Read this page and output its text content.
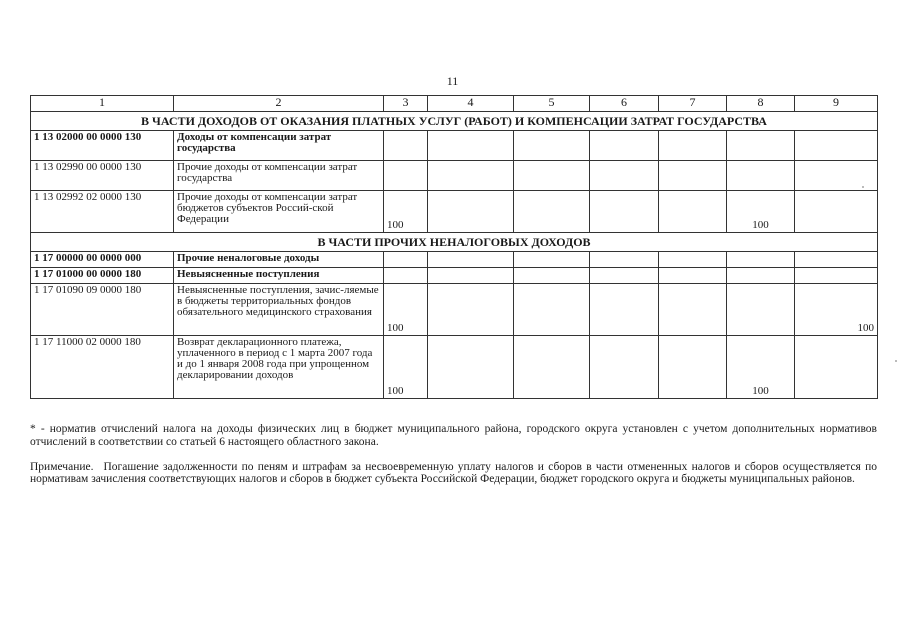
11
1	2	3	4	5	6	7	8	9
В ЧАСТИ ДОХОДОВ ОТ ОКАЗАНИЯ ПЛАТНЫХ УСЛУГ (РАБОТ) И КОМПЕНСАЦИИ ЗАТРАТ ГОСУДАРСТВА								
1 13 02000 00 0000 130	Доходы от компенсации затрат государства							
1 13 02990 00 0000 130	Прочие доходы от компенсации затрат государства							
1 13 02992 02 0000 130	Прочие доходы от компенсации затрат бюджетов субъектов Россий-ской Федерации	100					100	
В ЧАСТИ ПРОЧИХ НЕНАЛОГОВЫХ ДОХОДОВ								
1 17 00000 00 0000 000	Прочие неналоговые доходы							
1 17 01000 00 0000 180	Невыясненные поступления							
1 17 01090 09 0000 180	Невыясненные поступления, зачис-ляемые в бюджеты территориальных фондов обязательного медицинского страхования	100						100
1 17 11000 02 0000 180	Возврат декларационного платежа, уплаченного в период с 1 марта 2007 года и до 1 января 2008 года при упрощенном декларировании доходов	100					100	
* - норматив отчислений налога на доходы физических лиц в бюджет муниципального района, городского округа установлен с учетом дополнительных нормативов отчислений в соответствии со статьей 6 настоящего областного закона.
Примечание. Погашение задолженности по пеням и штрафам за несвоевременную уплату налогов и сборов в части отмененных налогов и сборов осуществляется по нормативам зачисления соответствующих налогов и сборов в бюджет субъекта Российской Федерации, бюджет городского округа и бюджеты муниципальных районов.
